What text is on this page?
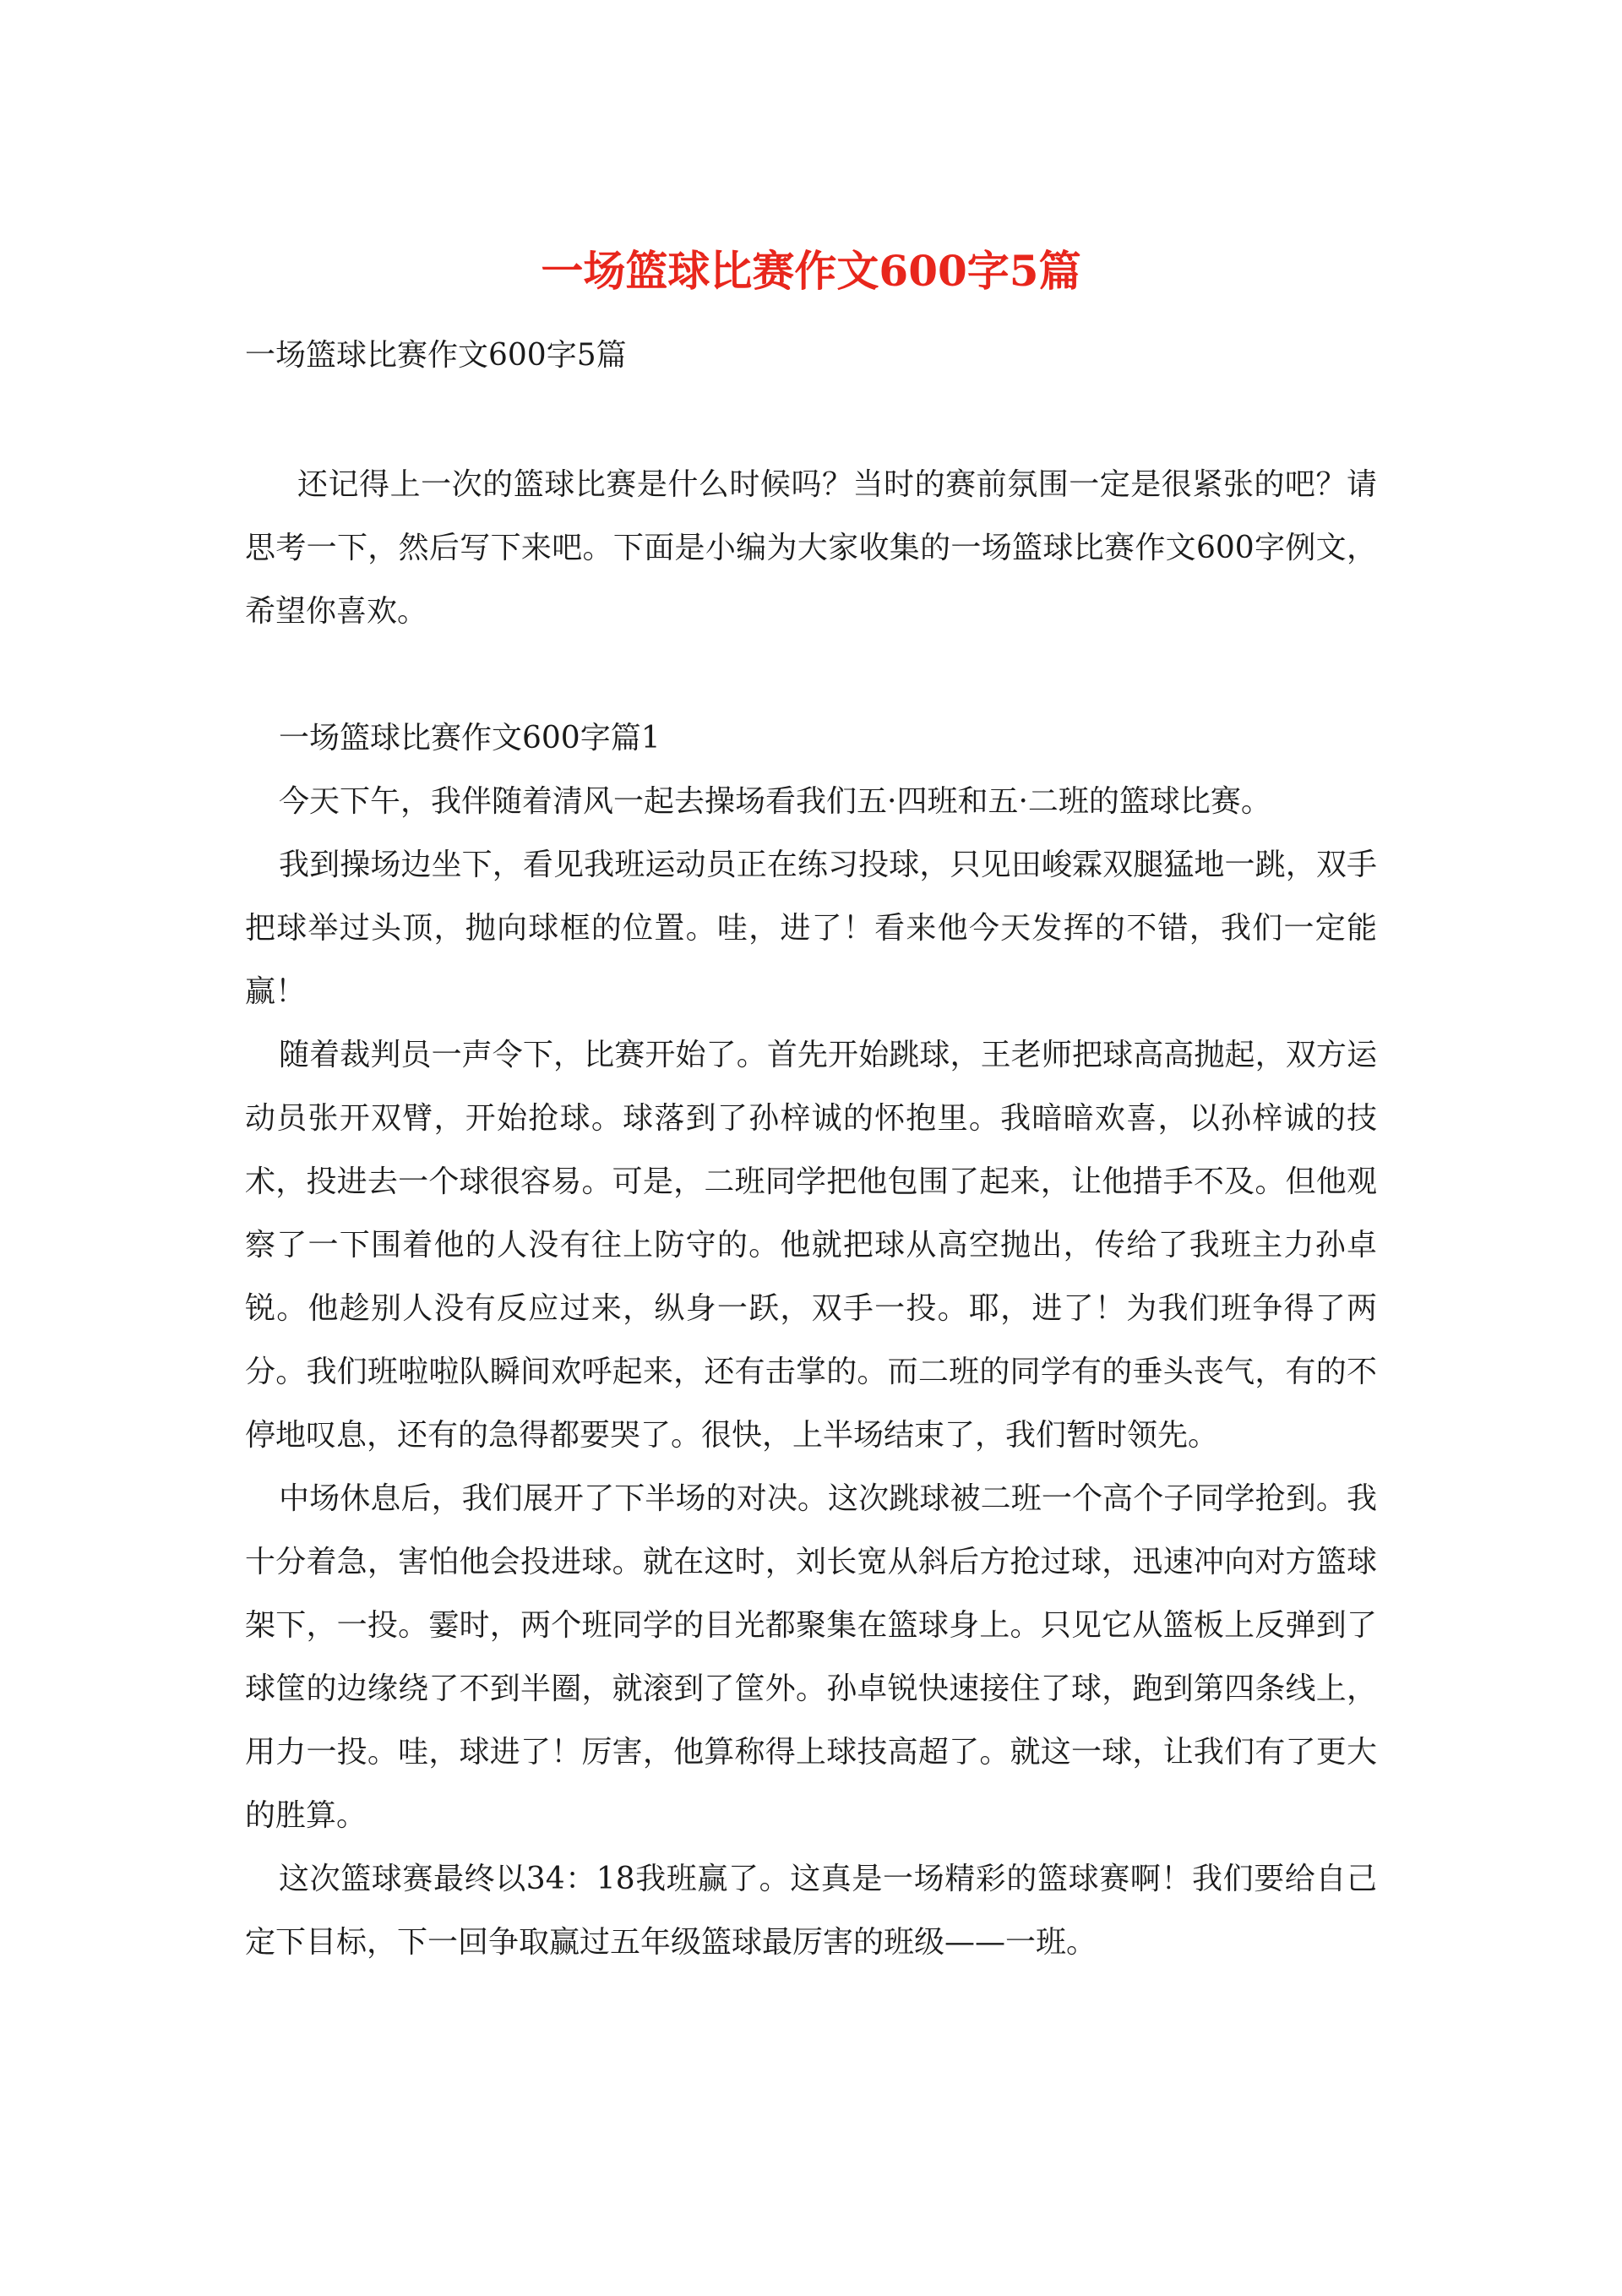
一场篮球比赛作文600字5篇

一场篮球比赛作文600字5篇

还记得上一次的篮球比赛是什么时候吗？当时的赛前氛围一定是很紧张的吧？请思考一下，然后写下来吧。下面是小编为大家收集的一场篮球比赛作文600字例文，希望你喜欢。

一场篮球比赛作文600字篇1

今天下午，我伴随着清风一起去操场看我们五·四班和五·二班的篮球比赛。

我到操场边坐下，看见我班运动员正在练习投球，只见田峻霖双腿猛地一跳，双手把球举过头顶，抛向球框的位置。哇，进了！看来他今天发挥的不错，我们一定能赢！

随着裁判员一声令下，比赛开始了。首先开始跳球，王老师把球高高抛起，双方运动员张开双臂，开始抢球。球落到了孙梓诚的怀抱里。我暗暗欢喜，以孙梓诚的技术，投进去一个球很容易。可是，二班同学把他包围了起来，让他措手不及。但他观察了一下围着他的人没有往上防守的。他就把球从高空抛出，传给了我班主力孙卓锐。他趁别人没有反应过来，纵身一跃，双手一投。耶，进了！为我们班争得了两分。我们班啦啦队瞬间欢呼起来，还有击掌的。而二班的同学有的垂头丧气，有的不停地叹息，还有的急得都要哭了。很快，上半场结束了，我们暂时领先。

中场休息后，我们展开了下半场的对决。这次跳球被二班一个高个子同学抢到。我十分着急，害怕他会投进球。就在这时，刘长宽从斜后方抢过球，迅速冲向对方篮球架下，一投。霎时，两个班同学的目光都聚集在篮球身上。只见它从篮板上反弹到了球筐的边缘绕了不到半圈，就滚到了筐外。孙卓锐快速接住了球，跑到第四条线上，用力一投。哇，球进了！厉害，他算称得上球技高超了。就这一球，让我们有了更大的胜算。

这次篮球赛最终以34：18我班赢了。这真是一场精彩的篮球赛啊！我们要给自己定下目标，下一回争取赢过五年级篮球最厉害的班级——一班。
